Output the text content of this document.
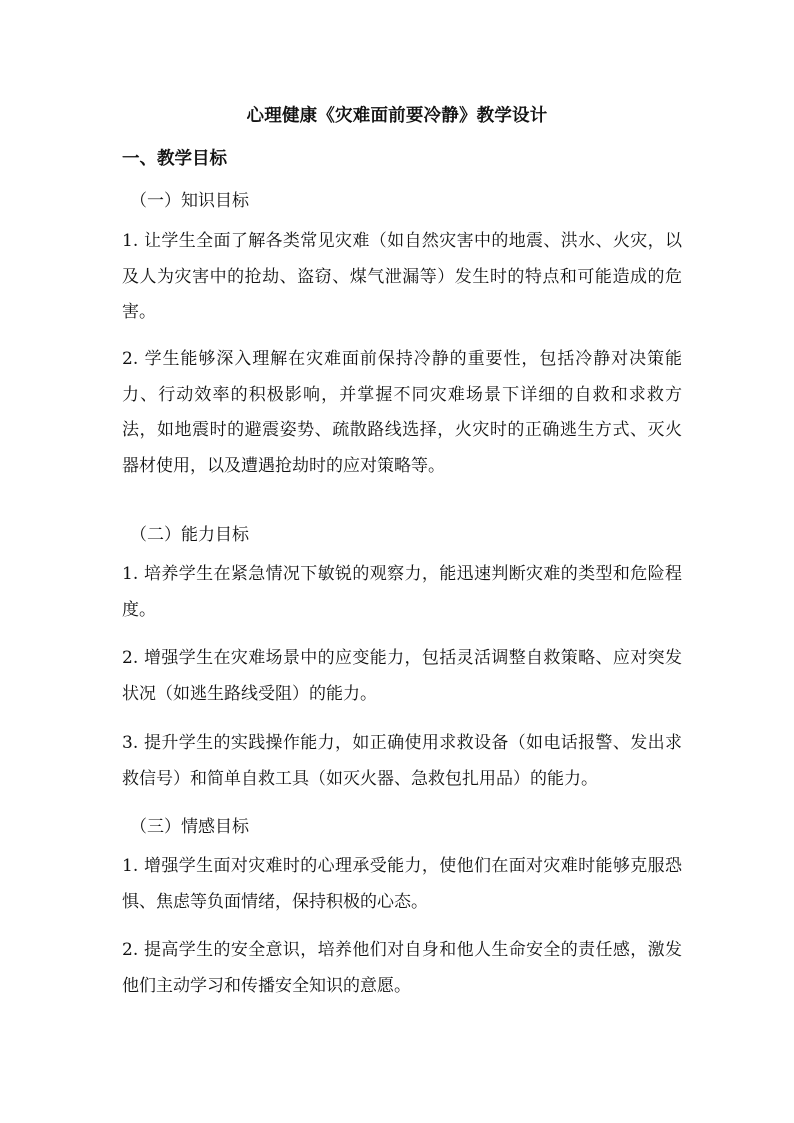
心理健康《灾难面前要冷静》教学设计
一、教学目标
（一）知识目标
1. 让学生全面了解各类常见灾难（如自然灾害中的地震、洪水、火灾，以及人为灾害中的抢劫、盗窃、煤气泄漏等）发生时的特点和可能造成的危害。
2. 学生能够深入理解在灾难面前保持冷静的重要性，包括冷静对决策能力、行动效率的积极影响，并掌握不同灾难场景下详细的自救和求救方法，如地震时的避震姿势、疏散路线选择，火灾时的正确逃生方式、灭火器材使用，以及遭遇抢劫时的应对策略等。
（二）能力目标
1. 培养学生在紧急情况下敏锐的观察力，能迅速判断灾难的类型和危险程度。
2. 增强学生在灾难场景中的应变能力，包括灵活调整自救策略、应对突发状况（如逃生路线受阻）的能力。
3. 提升学生的实践操作能力，如正确使用求救设备（如电话报警、发出求救信号）和简单自救工具（如灭火器、急救包扎用品）的能力。
（三）情感目标
1. 增强学生面对灾难时的心理承受能力，使他们在面对灾难时能够克服恐惧、焦虑等负面情绪，保持积极的心态。
2. 提高学生的安全意识，培养他们对自身和他人生命安全的责任感，激发他们主动学习和传播安全知识的意愿。
